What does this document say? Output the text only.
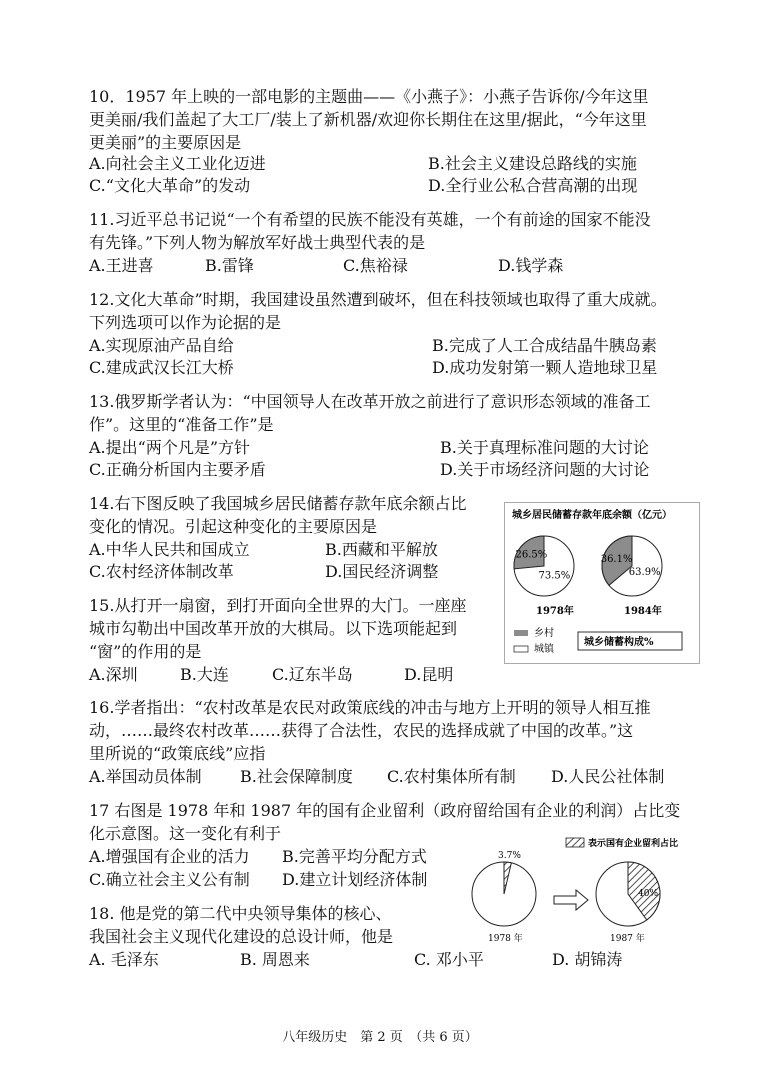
10．1957 年上映的一部电影的主题曲——《小燕子》：小燕子告诉你/今年这里
更美丽/我们盖起了大工厂/装上了新机器/欢迎你长期住在这里/据此，“今年这里
更美丽”的主要原因是
A.向社会主义工业化迈进	B.社会主义建设总路线的实施
C.“文化大革命”的发动	D.全行业公私合营高潮的出现
11.习近平总书记说“一个有希望的民族不能没有英雄，一个有前途的国家不能没
有先锋。”下列人物为解放军好战士典型代表的是
A.王进喜	B.雷锋	C.焦裕禄	D.钱学森
12.文化大革命”时期，我国建设虽然遭到破坏，但在科技领域也取得了重大成就。
下列选项可以作为论据的是
A.实现原油产品自给	B.完成了人工合成结晶牛胰岛素
C.建成武汉长江大桥	D.成功发射第一颗人造地球卫星
13.俄罗斯学者认为：“中国领导人在改革开放之前进行了意识形态领域的准备工
作”。这里的“准备工作”是
A.提出“两个凡是”方针	B.关于真理标准问题的大讨论
C.正确分析国内主要矛盾	D.关于市场经济问题的大讨论
14.右下图反映了我国城乡居民储蓄存款年底余额占比
变化的情况。引起这种变化的主要原因是
A.中华人民共和国成立	B.西藏和平解放
C.农村经济体制改革	D.国民经济调整
15.从打开一扇窗，到打开面向全世界的大门。一座座
城市勾勒出中国改革开放的大棋局。以下选项能起到
“窗”的作用的是
A.深圳	B.大连	C.辽东半岛	D.昆明
16.学者指出：“农村改革是农民对政策底线的冲击与地方上开明的领导人相互推
动，……最终农村改革……获得了合法性，农民的选择成就了中国的改革。”这
里所说的“政策底线”应指
A.举国动员体制 B.社会保障制度 C.农村集体所有制 D.人民公社体制
17 右图是 1978 年和 1987 年的国有企业留利（政府留给国有企业的利润）占比变
化示意图。这一变化有利于
A.增强国有企业的活力 B.完善平均分配方式
C.确立社会主义公有制 D.建立计划经济体制
18. 他是党的第二代中央领导集体的核心、
我国社会主义现代化建设的总设计师，他是
A. 毛泽东	B. 周恩来	C. 邓小平	D. 胡锦涛
城乡居民储蓄存款年底余额（亿元）
26.5%
73.5%
36.1%
63.9%
1978年	1984年
乡村
城镇
城乡储蓄构成%
表示国有企业留利占比
3.7%
40%
1978 年	1987 年
八年级历史　第 2 页　（共 6 页）
